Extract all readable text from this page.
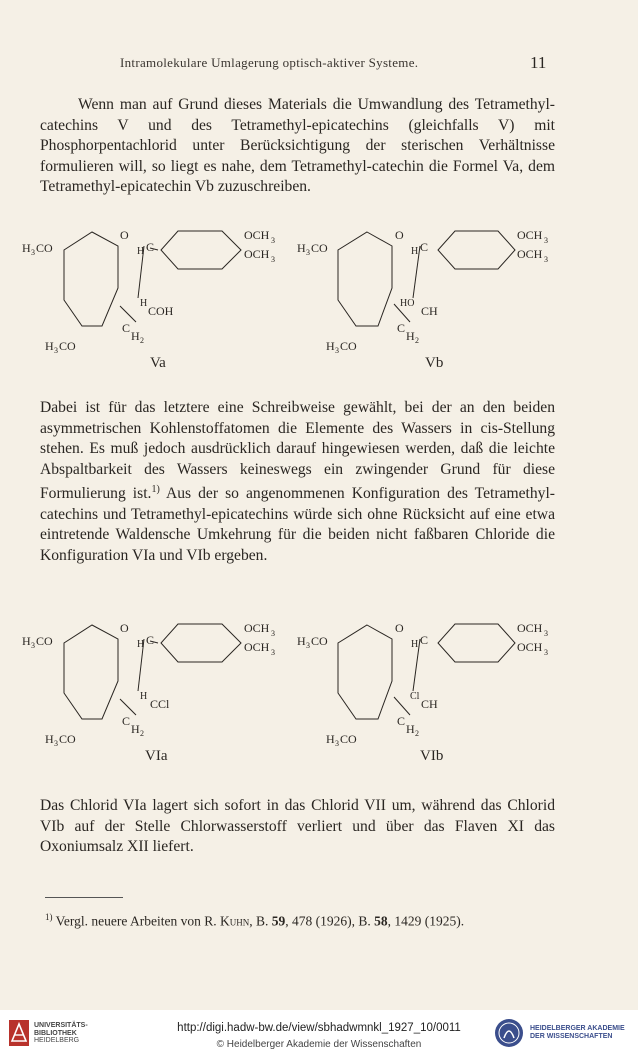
Intramolekulare Umlagerung optisch-aktiver Systeme.	11

Wenn man auf Grund dieses Materials die Umwandlung des Tetramethyl-catechins V und des Tetramethyl-epicatechins (gleichfalls V) mit Phosphorpentachlorid unter Berücksichtigung der sterischen Verhältnisse formulieren will, so liegt es nahe, dem Tetramethyl-catechin die Formel Va, dem Tetramethyl-epicatechin Vb zuzuschreiben.

O	OCH 3
OCH 3
H 3 CO
H 3 CO
H C
H
COH
C
H 2
Va
O	OCH 3
OCH 3
H 3 CO
H 3 CO
H C
HO
CH
C
H 2
Vb

Dabei ist für das letztere eine Schreibweise gewählt, bei der an den beiden asymmetrischen Kohlenstoffatomen die Elemente des Wassers in cis-Stellung stehen. Es muß jedoch ausdrücklich darauf hingewiesen werden, daß die leichte Abspaltbarkeit des Wassers keineswegs ein zwingender Grund für diese Formulierung ist.$^{1)}$ Aus der so angenommenen Konfiguration des Tetramethyl-catechins und Tetramethyl-epicatechins würde sich ohne Rücksicht auf eine etwa eintretende Waldensche Umkehrung für die beiden nicht faßbaren Chloride die Konfiguration VIa und VIb ergeben.

O	OCH 3
OCH 3
H 3 CO
H 3 CO
H C
H
CCl
C
H 2
VIa
O	OCH 3
OCH 3
H 3 CO
H 3 CO
H C
Cl
CH
C
H 2
VIb

Das Chlorid VIa lagert sich sofort in das Chlorid VII um, während das Chlorid VIb auf der Stelle Chlorwasserstoff verliert und über das Flaven XI das Oxoniumsalz XII liefert.

$^{1)}$ Vergl. neuere Arbeiten von R. Kuhn, B. 59, 478 (1926), B. 58, 1429 (1925).

UNIVERSITÄTS-
BIBLIOTHEK
HEIDELBERG
http://digi.hadw-bw.de/view/sbhadwmnkl_1927_10/0011
© Heidelberger Akademie der Wissenschaften
HEIDELBERGER AKADEMIE
DER WISSENSCHAFTEN
